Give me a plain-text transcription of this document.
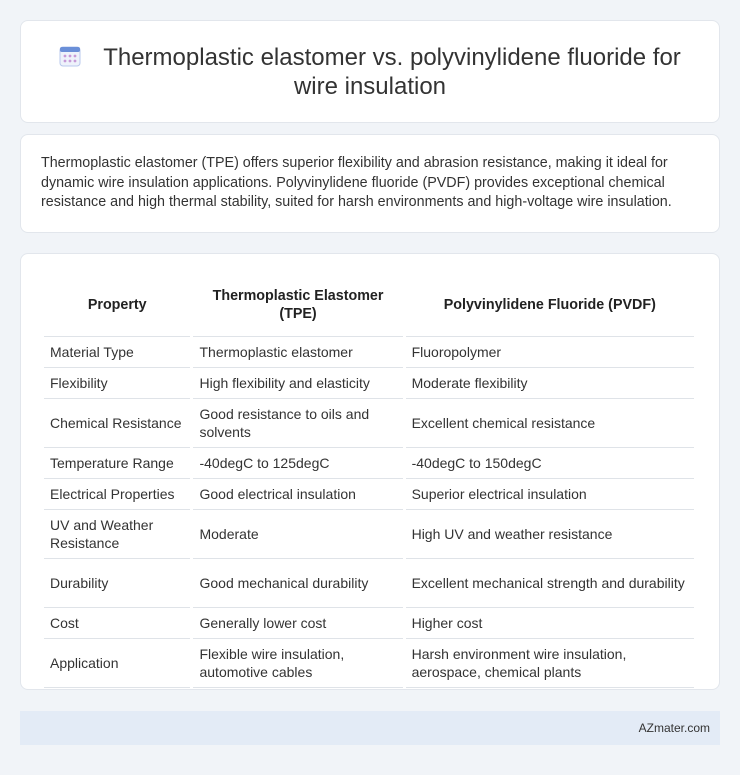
Thermoplastic elastomer vs. polyvinylidene fluoride for wire insulation

Thermoplastic elastomer (TPE) offers superior flexibility and abrasion resistance, making it ideal for dynamic wire insulation applications. Polyvinylidene fluoride (PVDF) provides exceptional chemical resistance and high thermal stability, suited for harsh environments and high-voltage wire insulation.

Property	Thermoplastic Elastomer (TPE)	Polyvinylidene Fluoride (PVDF)
Material Type	Thermoplastic elastomer	Fluoropolymer
Flexibility	High flexibility and elasticity	Moderate flexibility
Chemical Resistance	Good resistance to oils and solvents	Excellent chemical resistance
Temperature Range	-40degC to 125degC	-40degC to 150degC
Electrical Properties	Good electrical insulation	Superior electrical insulation
UV and Weather Resistance	Moderate	High UV and weather resistance
Durability	Good mechanical durability	Excellent mechanical strength and durability
Cost	Generally lower cost	Higher cost
Application	Flexible wire insulation, automotive cables	Harsh environment wire insulation, aerospace, chemical plants
AZmater.com
